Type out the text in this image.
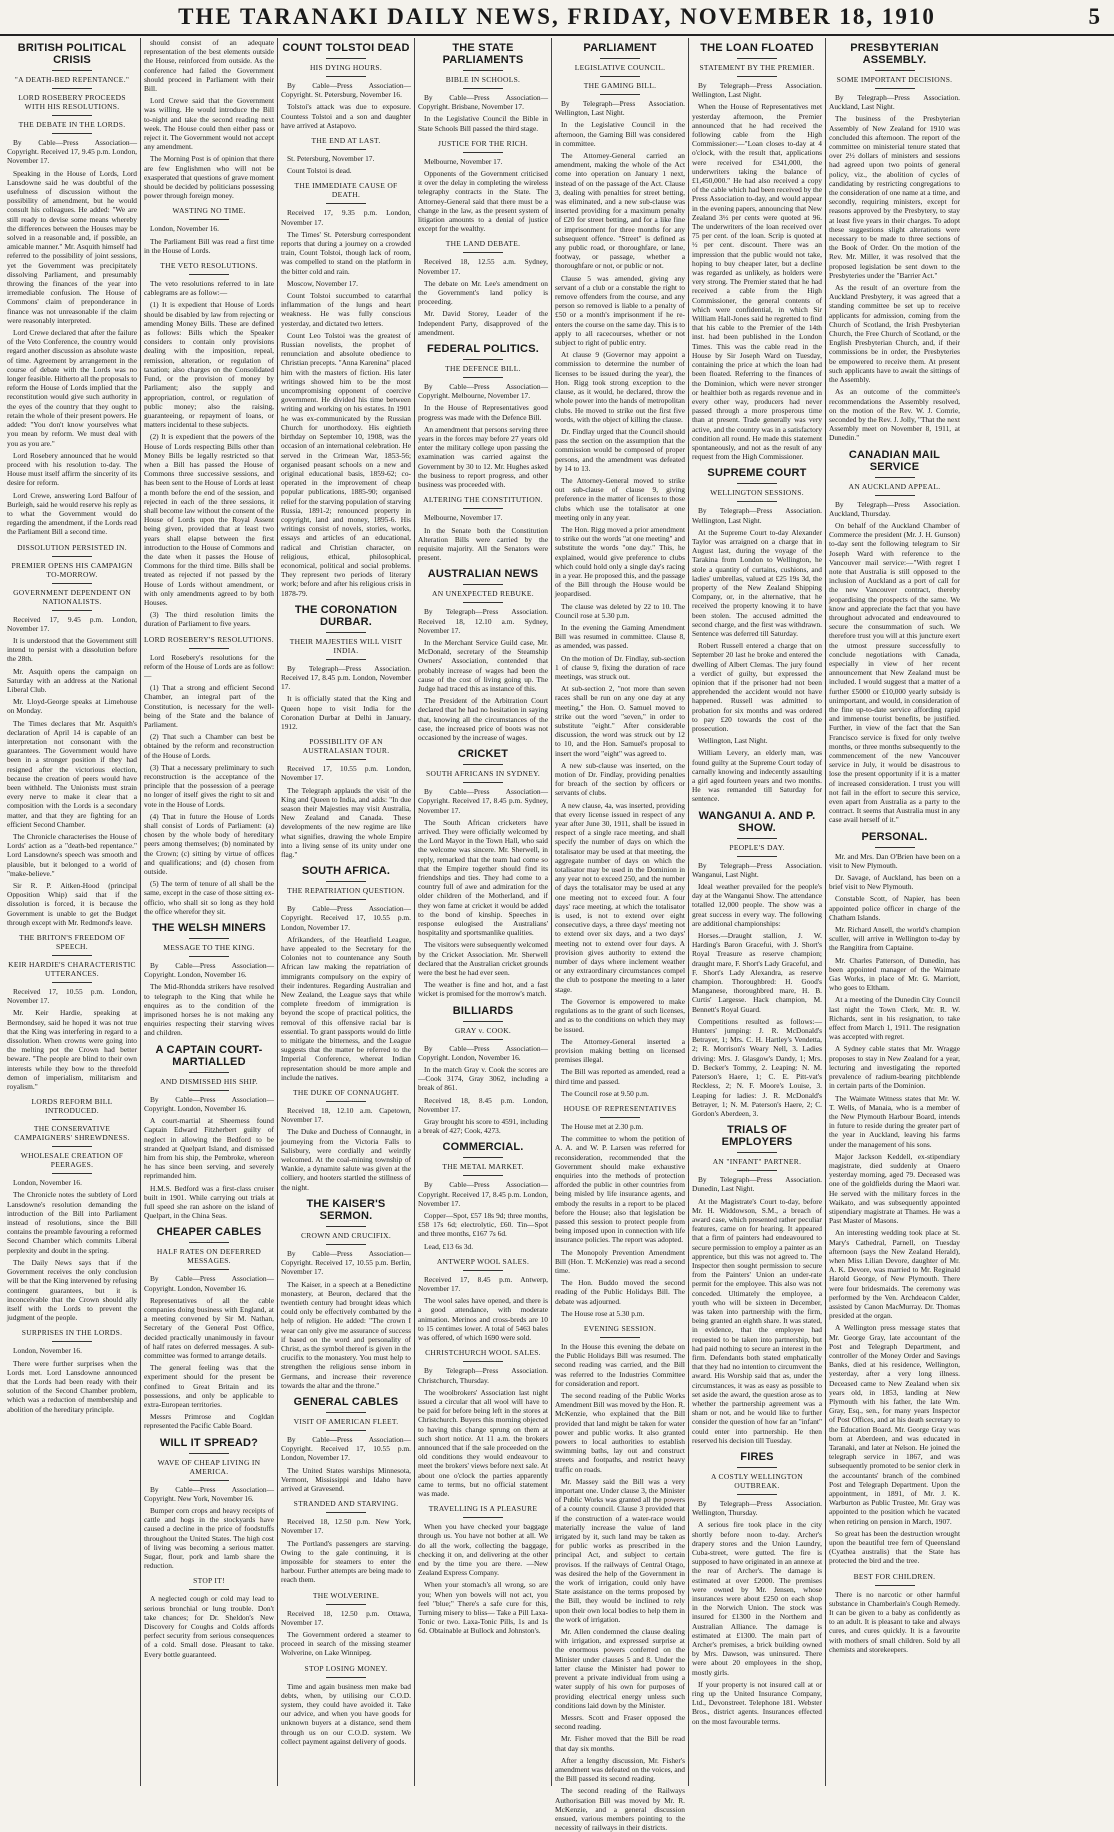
THE TARANAKI DAILY NEWS, FRIDAY, NOVEMBER 18, 1910	5
BRITISH POLITICAL CRISIS
"A DEATH-BED REPENTANCE."
LORD ROSEBERY PROCEEDS WITH HIS RESOLUTIONS.
THE DEBATE IN THE LORDS.
By Cable—Press Association—Copyright. Received 17, 9.45 p.m. London, November 17.
Speaking in the House of Lords, Lord Lansdowne said he was doubtful of the usefulness of discussion without the possibility of amendment, but he would consult his colleagues. He added: "We are still ready to devise some means whereby the differences between the Houses may be solved in a reasonable and, if possible, an amicable manner." Mr. Asquith himself had referred to the possibility of joint sessions, yet the Government was precipitately dissolving Parliament, and presumably throwing the finances of the year into irremediable confusion. The House of Commons' claim of preponderance in finance was not unreasonable if the claim were reasonably interpreted.
Lord Crewe declared that after the failure of the Veto Conference, the country would regard another discussion as absolute waste of time. Agreement by arrangement in the course of debate with the Lords was no longer feasible. Hitherto all the proposals to reform the House of Lords implied that the reconstitution would give such authority in the eyes of the country that they ought to retain the whole of their present powers. He added: "You don't know yourselves what you mean by reform. We must deal with you as you are."
Lord Rosebery announced that he would proceed with his resolution to-day. The House must itself affirm the sincerity of its desire for reform.
Lord Crewe, answering Lord Balfour of Burleigh, said he would reserve his reply as to what the Government would do regarding the amendment, if the Lords read the Parliament Bill a second time.
DISSOLUTION PERSISTED IN.
PREMIER OPENS HIS CAMPAIGN TO-MORROW.
GOVERNMENT DEPENDENT ON NATIONALISTS.
Received 17, 9.45 p.m. London, November 17.
It is understood that the Government still intend to persist with a dissolution before the 28th.
Mr. Asquith opens the campaign on Saturday with an address at the National Liberal Club.
Mr. Lloyd-George speaks at Limehouse on Monday.
The Times declares that Mr. Asquith's declaration of April 14 is capable of an interpretation not consonant with the guarantees. The Government would have been in a stronger position if they had resigned after the victorious election, because the creation of peers would have been withheld. The Unionists must strain every nerve to make it clear that a composition with the Lords is a secondary matter, and that they are fighting for an efficient Second Chamber.
The Chronicle characterises the House of Lords' action as a "death-bed repentance." Lord Lansdowne's speech was smooth and plausible, but it belonged to a world of "make-believe."
Sir R. P. Aitken-Hood (principal Opposition Whip) said that if the dissolution is forced, it is because the Government is unable to get the Budget through except with Mr. Redmond's leave.
THE BRITON'S FREEDOM OF SPEECH.
KEIR HARDIE'S CHARACTERISTIC UTTERANCES.
Received 17, 10.55 p.m. London, November 17.
Mr. Keir Hardie, speaking at Bermondsey, said he hoped it was not true that the King was interfering in regard to a dissolution. When crowns were going into the melting pot the Crown had better beware. "The people are blind to their own interests while they bow to the threefold demon of imperialism, militarism and royalism."
LORDS REFORM BILL INTRODUCED.
THE CONSERVATIVE CAMPAIGNERS' SHREWDNESS.
WHOLESALE CREATION OF PEERAGES.
London, November 16.
The Chronicle notes the subtlety of Lord Lansdowne's resolution demanding the introduction of the Bill into Parliament instead of resolutions, since the Bill contains the preamble favouring a reformed Second Chamber which commits Liberal perplexity and doubt in the spring.
The Daily News says that if the Government receives the only conclusion will be that the King intervened by refusing contingent guarantees, but it is inconceivable that the Crown should ally itself with the Lords to prevent the judgment of the people.
SURPRISES IN THE LORDS.
London, November 16.
There were further surprises when the Lords met. Lord Lansdowne announced that the Lords had been ready with their solution of the Second Chamber problem, which was a reduction of membership and abolition of the hereditary principle.
should consist of an adequate representation of the best elements outside the House, reinforced from outside. As the conference had failed the Government should proceed in Parliament with their Bill.
Lord Crewe said that the Government was willing. He would introduce the Bill to-night and take the second reading next week. The House could then either pass or reject it. The Government would not accept any amendment.
The Morning Post is of opinion that there are few Englishmen who will not be exasperated that questions of grave moment should be decided by politicians possessing power through foreign money.
WASTING NO TIME.
London, November 16.
The Parliament Bill was read a first time in the House of Lords.
THE VETO RESOLUTIONS.
The veto resolutions referred to in late cablegrams are as follow:—
(1) It is expedient that House of Lords should be disabled by law from rejecting or amending Money Bills. These are defined as follows: Bills which the Speaker considers to contain only provisions dealing with the imposition, repeal, remission, alteration, or regulation of taxation; also charges on the Consolidated Fund, or the provision of money by Parliament; also the supply and appropriation, control, or regulation of public money; also the raising, guaranteeing, or repayment of loans, or matters incidental to these subjects.
(2) It is expedient that the powers of the House of Lords respecting Bills other than Money Bills be legally restricted so that when a Bill has passed the House of Commons three successive sessions, and has been sent to the House of Lords at least a month before the end of the session, and rejected in each of the three sessions, it shall become law without the consent of the House of Lords upon the Royal Assent being given, provided that at least two years shall elapse between the first introduction to the House of Commons and the date when it passes the House of Commons for the third time. Bills shall be treated as rejected if not passed by the House of Lords without amendment, or with only amendments agreed to by both Houses.
(3) The third resolution limits the duration of Parliament to five years.
LORD ROSEBERY'S RESOLUTIONS.
Lord Rosebery's resolutions for the reform of the House of Lords are as follow:—
(1) That a strong and efficient Second Chamber, an integral part of the Constitution, is necessary for the well-being of the State and the balance of Parliament.
(2) That such a Chamber can best be obtained by the reform and reconstruction of the House of Lords.
(3) That a necessary preliminary to such reconstruction is the acceptance of the principle that the possession of a peerage no longer of itself gives the right to sit and vote in the House of Lords.
(4) That in future the House of Lords shall consist of Lords of Parliament: (a) chosen by the whole body of hereditary peers among themselves; (b) nominated by the Crown; (c) sitting by virtue of offices and qualifications; and (d) chosen from outside.
(5) The term of tenure of all shall be the same, except in the case of those sitting ex-officio, who shall sit so long as they hold the office wherefor they sit.
THE WELSH MINERS
MESSAGE TO THE KING.
By Cable—Press Association—Copyright. London, November 16.
The Mid-Rhondda strikers have resolved to telegraph to the King that while he enquires as to the condition of the imprisoned horses he is not making any enquiries respecting their starving wives and children.
A CAPTAIN COURT-MARTIALLED
AND DISMISSED HIS SHIP.
By Cable—Press Association—Copyright. London, November 16.
A court-martial at Sheerness found Captain Edward Fitzherbert guilty of neglect in allowing the Bedford to be stranded at Quelpart Island, and dismissed him from his ship, the Pembroke, whereon he has since been serving, and severely reprimanded him.
H.M.S. Bedford was a first-class cruiser built in 1901. While carrying out trials at full speed she ran ashore on the island of Quelpart, in the China Seas.
CHEAPER CABLES
HALF RATES ON DEFERRED MESSAGES.
By Cable—Press Association—Copyright. London, November 16.
Representatives of all the cable companies doing business with England, at a meeting convened by Sir M. Nathan, Secretary of the General Post Office, decided practically unanimously in favour of half rates on deferred messages. A sub-committee was formed to arrange details.
The general feeling was that the experiment should for the present be confined to Great Britain and its possessions, and only be applicable to extra-European territories.
Messrs Primrose and Cogldan represented the Pacific Cable Board.
WILL IT SPREAD?
WAVE OF CHEAP LIVING IN AMERICA.
By Cable—Press Association—Copyright. New York, November 16.
Bumper corn crops and heavy receipts of cattle and hogs in the stockyards have caused a decline in the price of foodstuffs throughout the United States. The high cost of living was becoming a serious matter. Sugar, flour, pork and lamb share the reduction.
STOP IT!
A neglected cough or cold may lead to serious bronchial or lung trouble. Don't take chances; for Dr. Sheldon's New Discovery for Coughs and Colds affords perfect security from serious consequences of a cold. Small dose. Pleasant to take. Every bottle guaranteed.
COUNT TOLSTOI DEAD
HIS DYING HOURS.
By Cable—Press Association—Copyright. St. Petersburg, November 16.
Tolstoi's attack was due to exposure. Countess Tolstoi and a son and daughter have arrived at Astapovo.
THE END AT LAST.
St. Petersburg, November 17.
Count Tolstoi is dead.
THE IMMEDIATE CAUSE OF DEATH.
Received 17, 9.35 p.m. London, November 17.
The Times' St. Petersburg correspondent reports that during a journey on a crowded train, Count Tolstoi, though lack of room, was compelled to stand on the platform in the bitter cold and rain.
Moscow, November 17.
Count Tolstoi succumbed to catarrhal inflammation of the lungs and heart weakness. He was fully conscious yesterday, and dictated two letters.
Count Leo Tolstoi was the greatest of Russian novelists, the prophet of renunciation and absolute obedience to Christian precepts. "Anna Karenina" placed him with the masters of fiction. His later writings showed him to be the most uncompromising opponent of coercive government. He divided his time between writing and working on his estates. In 1901 he was ex-communicated by the Russian Church for unorthodoxy. His eightieth birthday on September 10, 1908, was the occasion of an international celebration. He served in the Crimean War, 1853-56; organised peasant schools on a new and original educational basis, 1859-62; co-operated in the improvement of cheap popular publications, 1885-90; organised relief for the starving population of starving Russia, 1891-2; renounced property in copyright, land and money, 1895-6. His writings consist of novels, stories, works, essays and articles of an educational, radical and Christian character, on religious, ethical, philosophical, economical, political and social problems. They represent two periods of literary work; before and after his religious crisis in 1878-79.
THE CORONATION DURBAR.
THEIR MAJESTIES WILL VISIT INDIA.
By Telegraph—Press Association. Received 17, 8.45 p.m. London, November 17.
It is officially stated that the King and Queen hope to visit India for the Coronation Durbar at Delhi in January, 1912.
POSSIBILITY OF AN AUSTRALASIAN TOUR.
Received 17, 10.55 p.m. London, November 17.
The Telegraph applauds the visit of the King and Queen to India, and adds: "In due season their Majesties may visit Australia, New Zealand and Canada. These developments of the new regime are like what signifies, drawing the whole Empire into a living sense of its unity under one flag."
SOUTH AFRICA.
THE REPATRIATION QUESTION.
By Cable—Press Association—Copyright. Received 17, 10.55 p.m. London, November 17.
Afrikanders, of the Heatfield League, have appealed to the Secretary for the Colonies not to countenance any South African law making the repatriation of immigrants compulsory on the expiry of their indentures. Regarding Australian and New Zealand, the League says that while complete freedom of immigration is beyond the scope of practical politics, the removal of this offensive racial bar is essential. To grant passports would do little to mitigate the bitterness, and the League suggests that the matter be referred to the Imperial Conference, whereat Indian representation should be more ample and include the natives.
THE DUKE OF CONNAUGHT.
Received 18, 12.10 a.m. Capetown, November 17.
The Duke and Duchess of Connaught, in journeying from the Victoria Falls to Salisbury, were cordially and weirdly welcomed. At the coal-mining township of Wankie, a dynamite salute was given at the colliery, and hooters startled the stillness of the night.
THE KAISER'S SERMON.
CROWN AND CRUCIFIX.
By Cable—Press Association—Copyright. Received 17, 10.55 p.m. Berlin, November 17.
The Kaiser, in a speech at a Benedictine monastery, at Beuron, declared that the twentieth century had brought ideas which could only be effectively combatted by the help of religion. He added: "The crown I wear can only give me assurance of success if based on the word and personality of Christ, as the symbol thereof is given in the crucifix to the monastery. You must help to strengthen the religious sense inborn in Germans, and increase their reverence towards the altar and the throne."
GENERAL CABLES
VISIT OF AMERICAN FLEET.
By Cable—Press Association—Copyright. Received 17, 10.55 p.m. London, November 17.
The United States warships Minnesota, Vermont, Mississippi and Idaho have arrived at Gravesend.
STRANDED AND STARVING.
Received 18, 12.50 p.m. New York, November 17.
The Portland's passengers are starving. Owing to the gale continuing, it is impossible for steamers to enter the harbour. Further attempts are being made to reach them.
THE WOLVERINE.
Received 18, 12.50 p.m. Ottawa, November 17.
The Government ordered a steamer to proceed in search of the missing steamer Wolverine, on Lake Winnipeg.
STOP LOSING MONEY.
Time and again business men make bad debts, when, by utilising our C.O.D. system, they could have avoided it. Take our advice, and when you have goods for unknown buyers at a distance, send them through us on our C.O.D. system. We collect payment against delivery of goods.
THE STATE PARLIAMENTS
BIBLE IN SCHOOLS.
By Cable—Press Association—Copyright. Brisbane, November 17.
In the Legislative Council the Bible in State Schools Bill passed the third stage.
JUSTICE FOR THE RICH.
Melbourne, November 17.
Opponents of the Government criticised it over the delay in completing the wireless telegraphy contracts in the State. The Attorney-General said that there must be a change in the law, as the present system of litigation amounts to a denial of justice except for the wealthy.
THE LAND DEBATE.
Received 18, 12.55 a.m. Sydney, November 17.
The debate on Mr. Lee's amendment on the Government's land policy is proceeding.
Mr. David Storey, Leader of the Independent Party, disapproved of the amendment.
FEDERAL POLITICS.
THE DEFENCE BILL.
By Cable—Press Association—Copyright. Melbourne, November 17.
In the House of Representatives good progress was made with the Defence Bill.
An amendment that persons serving three years in the forces may before 27 years old enter the military college upon passing the examination was carried against the Government by 30 to 12. Mr. Hughes asked the business to report progress, and other business was proceeded with.
ALTERING THE CONSTITUTION.
Melbourne, November 17.
In the Senate both the Constitution Alteration Bills were carried by the requisite majority. All the Senators were present.
AUSTRALIAN NEWS
AN UNEXPECTED REBUKE.
By Telegraph—Press Association. Received 18, 12.10 a.m. Sydney, November 17.
In the Merchant Service Guild case, Mr. McDonald, secretary of the Steamship Owners' Association, contended that probably increase of wages had been the cause of the cost of living going up. The Judge had traced this as instance of this.
The President of the Arbitration Court declared that he had no hesitation in saying that, knowing all the circumstances of the case, the increased price of boots was not occasioned by the increase of wages.
CRICKET
SOUTH AFRICANS IN SYDNEY.
By Cable—Press Association—Copyright. Received 17, 8.45 p.m. Sydney, November 17.
The South African cricketers have arrived. They were officially welcomed by the Lord Mayor in the Town Hall, who said the welcome was sincere. Mr. Sherwell, in reply, remarked that the team had come so that the Empire together should find its friendships and ties. They had come to a country full of awe and admiration for the older children of the Motherland, and if they won fame at cricket it would be added to the bond of kinship. Speeches in response eulogised the Australians' hospitality and sportsmanlike qualities.
The visitors were subsequently welcomed by the Cricket Association. Mr. Sherwell declared that the Australian cricket grounds were the best he had ever seen.
The weather is fine and hot, and a fast wicket is promised for the morrow's match.
BILLIARDS
GRAY v. COOK.
By Cable—Press Association—Copyright. London, November 16.
In the match Gray v. Cook the scores are—Cook 3174, Gray 3062, including a break of 861.
Received 18, 8.45 p.m. London, November 17.
Gray brought his score to 4591, including a break of 427; Cook, 4273.
COMMERCIAL.
THE METAL MARKET.
By Cable—Press Association—Copyright. Received 17, 8.45 p.m. London, November 17.
Copper—Spot, £57 18s 9d; three months, £58 17s 6d; electrolytic, £60. Tin—Spot and three months, £167 7s 6d.
Lead, £13 6s 3d.
ANTWERP WOOL SALES.
Received 17, 8.45 p.m. Antwerp, November 17.
The wool sales have opened, and there is a good attendance, with moderate animation. Merinos and cross-breds are 10 to 15 centimes lower. A total of 5463 bales was offered, of which 1690 were sold.
CHRISTCHURCH WOOL SALES.
By Telegraph—Press Association. Christchurch, Thursday.
The woolbrokers' Association last night issued a circular that all wool will have to be paid for before being left in the stores at Christchurch. Buyers this morning objected to having this change sprung on them at such short notice. At 11 a.m. the brokers announced that if the sale proceeded on the old conditions they would endeavour to meet the brokers' views before next sale. At about one o'clock the parties apparently came to terms, but no official statement was made.
TRAVELLING IS A PLEASURE
When you have checked your baggage through us. You have not bother at all. We do all the work, collecting the baggage, checking it on, and delivering at the other end by the time you are there. —New Zealand Express Company.
When your stomach's all wrong, so are you; When yon bowels will not act, you feel "blue;" There's a safe cure for this, Turning misery to bliss— Take a Pill Laxa-Tonic or two. Laxa-Tonic Pills, 1s and 1s 6d. Obtainable at Bullock and Johnston's.
PARLIAMENT
LEGISLATIVE COUNCIL.
THE GAMING BILL.
By Telegraph—Press Association. Wellington, Last Night.
In the Legislative Council in the afternoon, the Gaming Bill was considered in committee.
The Attorney-General carried an amendment, making the whole of the Act come into operation on January 1 next, instead of on the passage of the Act. Clause 3, dealing with penalties for street betting, was eliminated, and a new sub-clause was inserted providing for a maximum penalty of £20 for street betting, and for a like fine or imprisonment for three months for any subsequent offence. "Street" is defined as any public road, or thoroughfare, or lane, footway, or passage, whether a thoroughfare or not, or public or not.
Clause 5 was amended, giving any servant of a club or a constable the right to remove offenders from the course, and any person so removed is liable to a penalty of £50 or a month's imprisonment if he re-enters the course on the same day. This is to apply to all racecourses, whether or not subject to right of public entry.
At clause 9 (Governor may appoint a commission to determine the number of licenses to be issued during the year), the Hon. Rigg took strong exception to the clause, as it would, he declared, throw the whole power into the hands of metropolitan clubs. He moved to strike out the first five words, with the object of killing the clause.
Dr. Findlay urged that the Council should pass the section on the assumption that the commission would be composed of proper persons, and the amendment was defeated by 14 to 13.
The Attorney-General moved to strike out sub-clause of clause 9, giving preference in the matter of licenses to those clubs which use the totalisator at one meeting only in any year.
The Hon. Rigg moved a prior amendment to strike out the words "at one meeting" and substitute the words "one day." This, he explained, would give preference to clubs which could hold only a single day's racing in a year. He proposed this, and the passage of the Bill through the House would be jeopardised.
The clause was deleted by 22 to 10. The Council rose at 5.30 p.m.
In the evening the Gaming Amendment Bill was resumed in committee. Clause 8, as amended, was passed.
On the motion of Dr. Findlay, sub-section 1 of clause 9, fixing the duration of race meetings, was struck out.
At sub-section 2, "not more than seven races shall be run on any one day at any meeting," the Hon. O. Samuel moved to strike out the word "seven," in order to substitute "eight." After considerable discussion, the word was struck out by 12 to 10, and the Hon. Samuel's proposal to insert the word "eight" was agreed to.
A new sub-clause was inserted, on the motion of Dr. Findlay, providing penalties for breach of the section by officers or servants of clubs.
A new clause, 4a, was inserted, providing that every license issued in respect of any year after June 30, 1911, shall be issued in respect of a single race meeting, and shall specify the number of days on which the totalisator may be used at that meeting, the aggregate number of days on which the totalisator may be used in the Dominion in any year not to exceed 250, and the number of days the totalisator may be used at any one meeting not to exceed four. A four days' race meeting, at which the totalisator is used, is not to extend over eight consecutive days, a three days' meeting not to extend over six days, and a two days' meeting not to extend over four days. A provision gives authority to extend the number of days where inclement weather or any extraordinary circumstances compel the club to postpone the meeting to a later stage.
The Governor is empowered to make regulations as to the grant of such licenses, and as to the conditions on which they may be issued.
The Attorney-General inserted a provision making betting on licensed premises illegal.
The Bill was reported as amended, read a third time and passed.
The Council rose at 9.50 p.m.
HOUSE OF REPRESENTATIVES
The House met at 2.30 p.m.
The committee to whom the petition of A. A. and W. P. Larsen was referred for reconsideration, recommended that the Government should make exhaustive enquiries into the methods of protection afforded the public in other countries from being misled by life insurance agents, and embody the results in a report to be placed before the House; also that legislation be passed this session to protect people from being imposed upon in connection with life insurance policies. The report was adopted.
The Monopoly Prevention Amendment Bill (Hon. T. McKenzie) was read a second time.
The Hon. Buddo moved the second reading of the Public Holidays Bill. The debate was adjourned.
The House rose at 5.30 p.m.
EVENING SESSION.
In the House this evening the debate on the Public Holidays Bill was resumed. The second reading was carried, and the Bill was referred to the Industries Committee for consideration and report.
The second reading of the Public Works Amendment Bill was moved by the Hon. R. McKenzie, who explained that the Bill provided that land might be taken for water power and public works. It also granted powers to local authorities to establish swimming baths, lay out and construct streets and footpaths, and restrict heavy traffic on roads.
Mr. Massey said the Bill was a very important one. Under clause 3, the Minister of Public Works was granted all the powers of a county council. Clause 3 provided that if the construction of a water-race would materially increase the value of land irrigated by it, such land may be taken as for public works as prescribed in the principal Act, and subject to certain provisos. If the railways of Central Otago, was desired the help of the Government in the work of irrigation, could only have State assistance on the terms proposed by the Bill, they would be inclined to rely upon their own local bodies to help them in the work of irrigation.
Mr. Allen condemned the clause dealing with irrigation, and expressed surprise at the enormous powers conferred on the Minister under clauses 5 and 8. Under the latter clause the Minister had power to prevent a private individual from using a water supply of his own for purposes of providing electrical energy unless such conditions laid down by the Minister.
Messrs. Scott and Fraser opposed the second reading.
Mr. Fisher moved that the Bill be read that day six months.
After a lengthy discussion, Mr. Fisher's amendment was defeated on the voices, and the Bill passed its second reading.
The second reading of the Railways Authorisation Bill was moved by Mr. R. McKenzie, and a general discussion ensued, various members pointing to the necessity of railways in their districts.
THE LOAN FLOATED
STATEMENT BY THE PREMIER.
By Telegraph—Press Association. Wellington, Last Night.
When the House of Representatives met yesterday afternoon, the Premier announced that he had received the following cable from the High Commissioner:—"Loan closes to-day at 4 o'clock, with the result that, applications were received for £341,000, the underwriters taking the balance of £1,450,000." He had also received a copy of the cable which had been received by the Press Association to-day, and would appear in the evening papers, announcing that New Zealand 3½ per cents were quoted at 96. The underwriters of the loan received over 75 per cent. of the loan. Scrip is quoted at ½ per cent. discount. There was an impression that the public would not take, hoping to buy cheaper later, but a decline was regarded as unlikely, as holders were very strong. The Premier stated that he had received a cable from the High Commissioner, the general contents of which were confidential, in which Sir William Hall-Jones said he regretted to find that his cable to the Premier of the 14th inst. had been published in the London Times. This was the cable read in the House by Sir Joseph Ward on Tuesday, containing the price at which the loan had been floated. Referring to the finances of the Dominion, which were never stronger or healthier both as regards revenue and in every other way, producers had never passed through a more prosperous time than at present. Trade generally was very active, and the country was in a satisfactory condition all round. He made this statement spontaneously, and not as the result of any request from the High Commissioner.
SUPREME COURT
WELLINGTON SESSIONS.
By Telegraph—Press Association. Wellington, Last Night.
At the Supreme Court to-day Alexander Taylor was arraigned on a charge that in August last, during the voyage of the Tarakina from London to Wellington, he stole a quantity of curtains, cushions, and ladies' umbrellas, valued at £25 19s 3d, the property of the New Zealand Shipping Company, or, in the alternative, that he received the property knowing it to have been stolen. The accused admitted the second charge, and the first was withdrawn. Sentence was deferred till Saturday.
Robert Russell entered a charge that on September 20 last he broke and entered the dwelling of Albert Clemas. The jury found a verdict of guilty, but expressed the opinion that if the prisoner had not been apprehended the accident would not have happened. Russell was admitted to probation for six months and was ordered to pay £20 towards the cost of the prosecution.
Wellington, Last Night.
William Levery, an elderly man, was found guilty at the Supreme Court today of carnally knowing and indecently assaulting a girl aged fourteen years and two months. He was remanded till Saturday for sentence.
WANGANUI A. AND P. SHOW.
PEOPLE'S DAY.
By Telegraph—Press Association. Wanganui, Last Night.
Ideal weather prevailed for the people's day at the Wanganui Show. The attendance totalled 12,000 people. The show was a great success in every way. The following are additional championships:
Horses.—Draught stallion, J. W. Harding's Baron Gracefui, with J. Short's Royal Treasure as reserve champion; draught mare, F. Short's Lady Graceful, and F. Short's Lady Alexandra, as reserve champion. Thoroughbred: H. Good's Manganese, thoroughbred mare, H. B. Curtis' Largesse. Hack champion, M. Bennett's Royal Guard.
Competitions resulted as follows:—Hunters' jumping: J. R. McDonald's Betrayer, 1; Mrs. C. H. Hartley's Vendetta, 2; R. Morrison's Weary Nell, 3. Ladies driving: Mrs. J. Glasgow's Dandy, 1; Mrs. D. Becker's Tommy, 2. Leaping: N. M. Paterson's Haere, 1; C. E. Pitt-vat's Reckless, 2; N. F. Moore's Louise, 3. Leaping for ladies: J. R. McDonald's Betrayer, 1; N. M. Paterson's Haere, 2; C. Gordon's Aberdeen, 3.
TRIALS OF EMPLOYERS
AN "INFANT" PARTNER.
By Telegraph—Press Association. Dunedin, Last Night.
At the Magistrate's Court to-day, before Mr. H. Widdowson, S.M., a breach of award case, which presented rather peculiar features, came on for hearing. It appeared that a firm of painters had endeavoured to secure permission to employ a painter as an apprentice, but this was not agreed to. The Inspector then sought permission to secure from the Painters' Union an under-rate permit for the employee. This also was not conceded. Ultimately the employee, a youth who will be sixteen in December, was taken into partnership with the firm, being granted an eighth share. It was stated, in evidence, that the employee had requested to be taken into partnership, but had paid nothing to secure an interest in the firm. Defendants both stated emphatically that they had no intention to circumvent the award. His Worship said that as, under the circumstances, it was as easy as possible to set aside the award, the question arose as to whether the partnership agreement was a sham or not, and he would like to further consider the question of how far an "infant" could enter into partnership. He then reserved his decision till Tuesday.
FIRES
A COSTLY WELLINGTON OUTBREAK.
By Telegraph—Press Association. Wellington, Thursday.
A serious fire took place in the city shortly before noon to-day. Archer's drapery stores and the Union Laundry, Cuba-street, were gutted. The fire is supposed to have originated in an annexe at the rear of Archer's. The damage is estimated at over £2000. The premises were owned by Mr. Jensen, whose insurances were about £250 on each shop in the Norwich Union. The stock was insured for £1300 in the Northern and Australian Alliance. The damage is estimated at £1300. The main part of Archer's premises, a brick building owned by Mrs. Dawson, was uninsured. There were about 20 employees in the shop, mostly girls.
If your property is not insured call at or ring up the United Insurance Company, Ltd., Devonstreet. Telephone 181. Webster Bros., district agents. Insurances effected on the most favourable terms.
PRESBYTERIAN ASSEMBLY.
SOME IMPORTANT DECISIONS.
By Telegraph—Press Association. Auckland, Last Night.
The business of the Presbyterian Assembly of New Zealand for 1910 was concluded this afternoon. The report of the committee on ministerial tenure stated that over 2½ dollars of ministers and sessions had agreed upon two points of general policy, viz., the abolition of cycles of candidating by restricting congregations to the consideration of one name at a time, and secondly, requiring ministers, except for reasons approved by the Presbytery, to stay at least five years in their charges. To adopt these suggestions slight alterations were necessary to be made to three sections of the Book of Order. On the motion of the Rev. Mr. Miller, it was resolved that the proposed legislation be sent down to the Presbyteries under the "Barrier Act."
As the result of an overture from the Auckland Presbytery, it was agreed that a standing committee be set up to receive applicants for admission, coming from the Church of Scotland, the Irish Presbyterian Church, the Free Church of Scotland, or the English Presbyterian Church, and, if their commissions be in order, the Presbyteries be empowered to receive them. At present such applicants have to await the sittings of the Assembly.
As an outcome of the committee's recommendations the Assembly resolved, on the motion of the Rev. W. J. Comrie, seconded by the Rev. J. Jolly, "That the next Assembly meet on November 8, 1911, at Dunedin."
CANADIAN MAIL SERVICE
AN AUCKLAND APPEAL.
By Telegraph—Press Association. Auckland, Thursday.
On behalf of the Auckland Chamber of Commerce the president (Mr. J. H. Gunson) to-day sent the following telegram to Sir Joseph Ward with reference to the Vancouver mail service:—"With regret I note that Australia is still opposed to the inclusion of Auckland as a port of call for the new Vancouver contract, thereby jeopardising the prospects of the same. We know and appreciate the fact that you have throughout advocated and endeavoured to secure the consummation of such. We therefore trust you will at this juncture exert the utmost pressure successfully to conclude negotiations with Canada, especially in view of her recent announcement that New Zealand must be included. I would suggest that a matter of a further £5000 or £10,000 yearly subsidy is unimportant, and would, in consideration of the fine up-to-date service affording rapid and immense tourist benefits, be justified. Further, in view of the fact that the San Francisco service is fixed for only twelve months, or three months subsequently to the commencement of the new Vancouver service in July, it would be disastrous to lose the present opportunity if it is a matter of increased consideration. I trust you will not fail in the effort to secure this service, even apart from Australia as a party to the contract. It seems that Australia must in any case avail herself of it."
PERSONAL.
Mr. and Mrs. Dan O'Brien have been on a visit to New Plymouth.
Dr. Savage, of Auckland, has been on a brief visit to New Plymouth.
Constable Scott, of Napier, has been appointed police officer in charge of the Chatham Islands.
Mr. Richard Ansell, the world's champion sculler, will arrive in Wellington to-day by the Rangitira from Captaine.
Mr. Charles Patterson, of Dunedin, has been appointed manager of the Waimate Gas Works, in place of Mr. G. Marriott, who goes to Eltham.
At a meeting of the Dunedin City Council last night the Town Clerk, Mr. R. W. Richards, sent in his resignation, to take effect from March 1, 1911. The resignation was accepted with regret.
A Sydney cable states that Mr. Wragge proposes to stay in New Zealand for a year, lecturing and investigating the reported prevalence of radium-bearing pitchblende in certain parts of the Dominion.
The Waimate Witness states that Mr. W. T. Wells, of Manaia, who is a member of the New Plymouth Harbour Board, intends in future to reside during the greater part of the year in Auckland, leaving his farms under the management of his sons.
Major Jackson Keddell, ex-stipendiary magistrate, died suddenly at Onaero yesterday morning, aged 79. Deceased was one of the goldfields during the Maori war. He served with the military forces in the Waikato, and was subsequently appointed stipendiary magistrate at Thames. He was a Past Master of Masons.
An interesting wedding took place at St. Mary's Cathedral, Parnell, on Tuesday afternoon (says the New Zealand Herald), when Miss Lilian Devore, daughter of Mr. A. K. Devore, was married to Mr. Reginald Harold George, of New Plymouth. There were four bridesmaids. The ceremony was performed by the Ven. Archdeacon Calder, assisted by Canon MacMurray. Dr. Thomas presided at the organ.
A Wellington press message states that Mr. George Gray, late accountant of the Post and Telegraph Department, and controller of the Money Order and Savings Banks, died at his residence, Wellington, yesterday, after a very long illness. Deceased came to New Zealand when six years old, in 1853, landing at New Plymouth with his father, the late Wm. Gray, Esq., sen., for many years Inspector of Post Offices, and at his death secretary to the Education Board. Mr. George Gray was born at Aberdeen, and was educated in Taranaki, and later at Nelson. He joined the telegraph service in 1867, and was subsequently promoted to be senior clerk in the accountants' branch of the combined Post and Telegraph Department. Upon the appointment, in 1891, of Mr. J. K. Warburton as Public Trustee, Mr. Gray was appointed to the position which he vacated when retiring on pension in March, 1907.
So great has been the destruction wrought upon the beautiful tree fern of Queensland (Cyathea australis) that the State has protected the bird and the tree.
BEST FOR CHILDREN.
There is no narcotic or other harmful substance in Chamberlain's Cough Remedy. It can be given to a baby as confidently as to an adult. It is pleasant to take and always cures, and cures quickly. It is a favourite with mothers of small children. Sold by all chemists and storekeepers.
